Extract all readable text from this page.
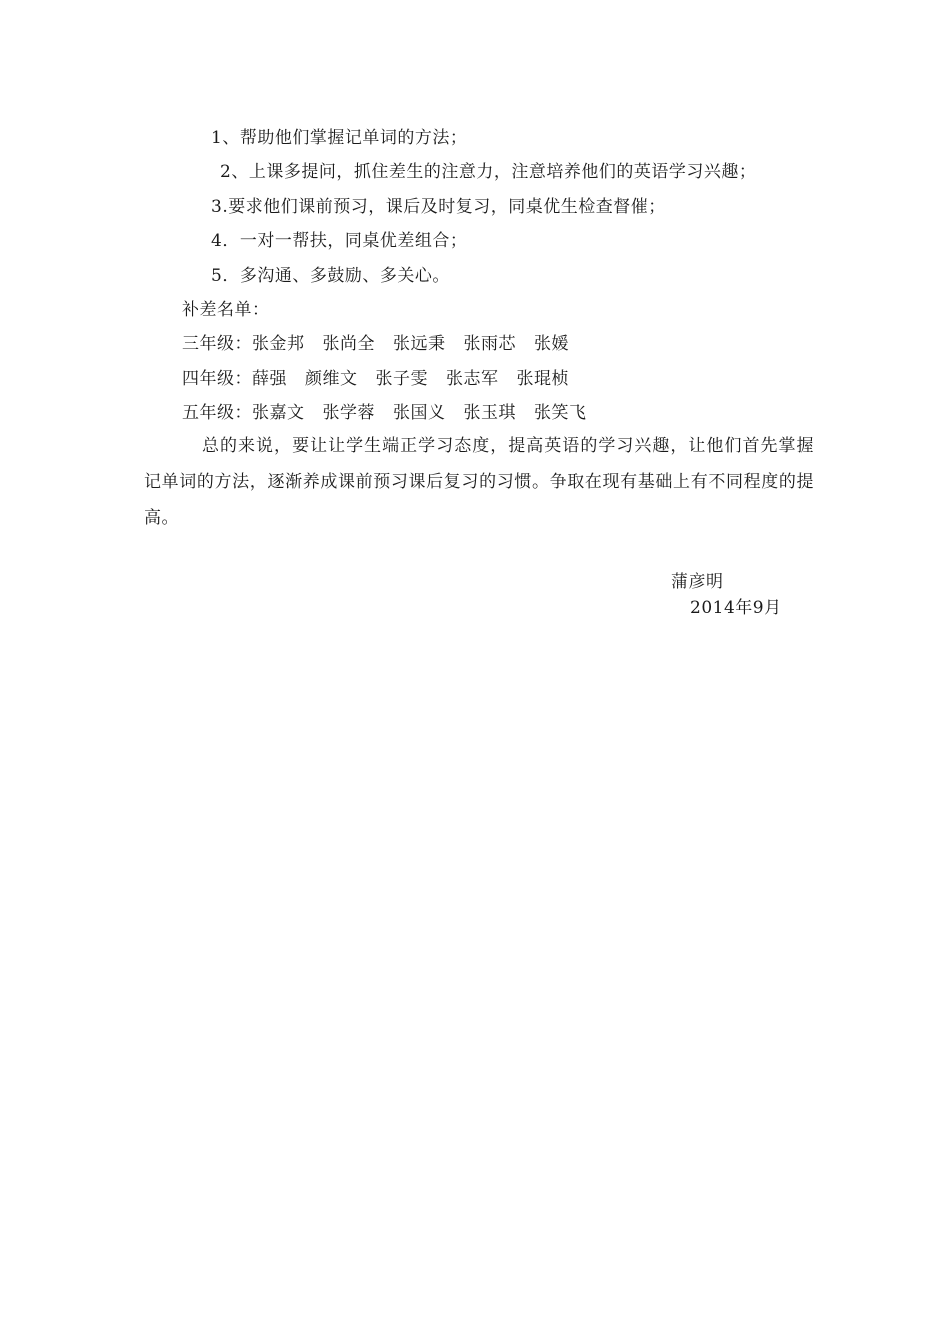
1、帮助他们掌握记单词的方法；
2、上课多提问，抓住差生的注意力，注意培养他们的英语学习兴趣；
3.要求他们课前预习，课后及时复习，同桌优生检查督催；
4．一对一帮扶，同桌优差组合；
5．多沟通、多鼓励、多关心。
补差名单：
三年级：张金邦 张尚全 张远秉 张雨芯 张媛
四年级：薛强 颜维文 张子雯 张志军 张琨桢
五年级：张嘉文 张学蓉 张国义 张玉琪 张笑飞
总的来说，要让让学生端正学习态度，提高英语的学习兴趣，让他们首先掌握记单词的方法，逐渐养成课前预习课后复习的习惯。争取在现有基础上有不同程度的提高。
蒲彦明
2014年9月
